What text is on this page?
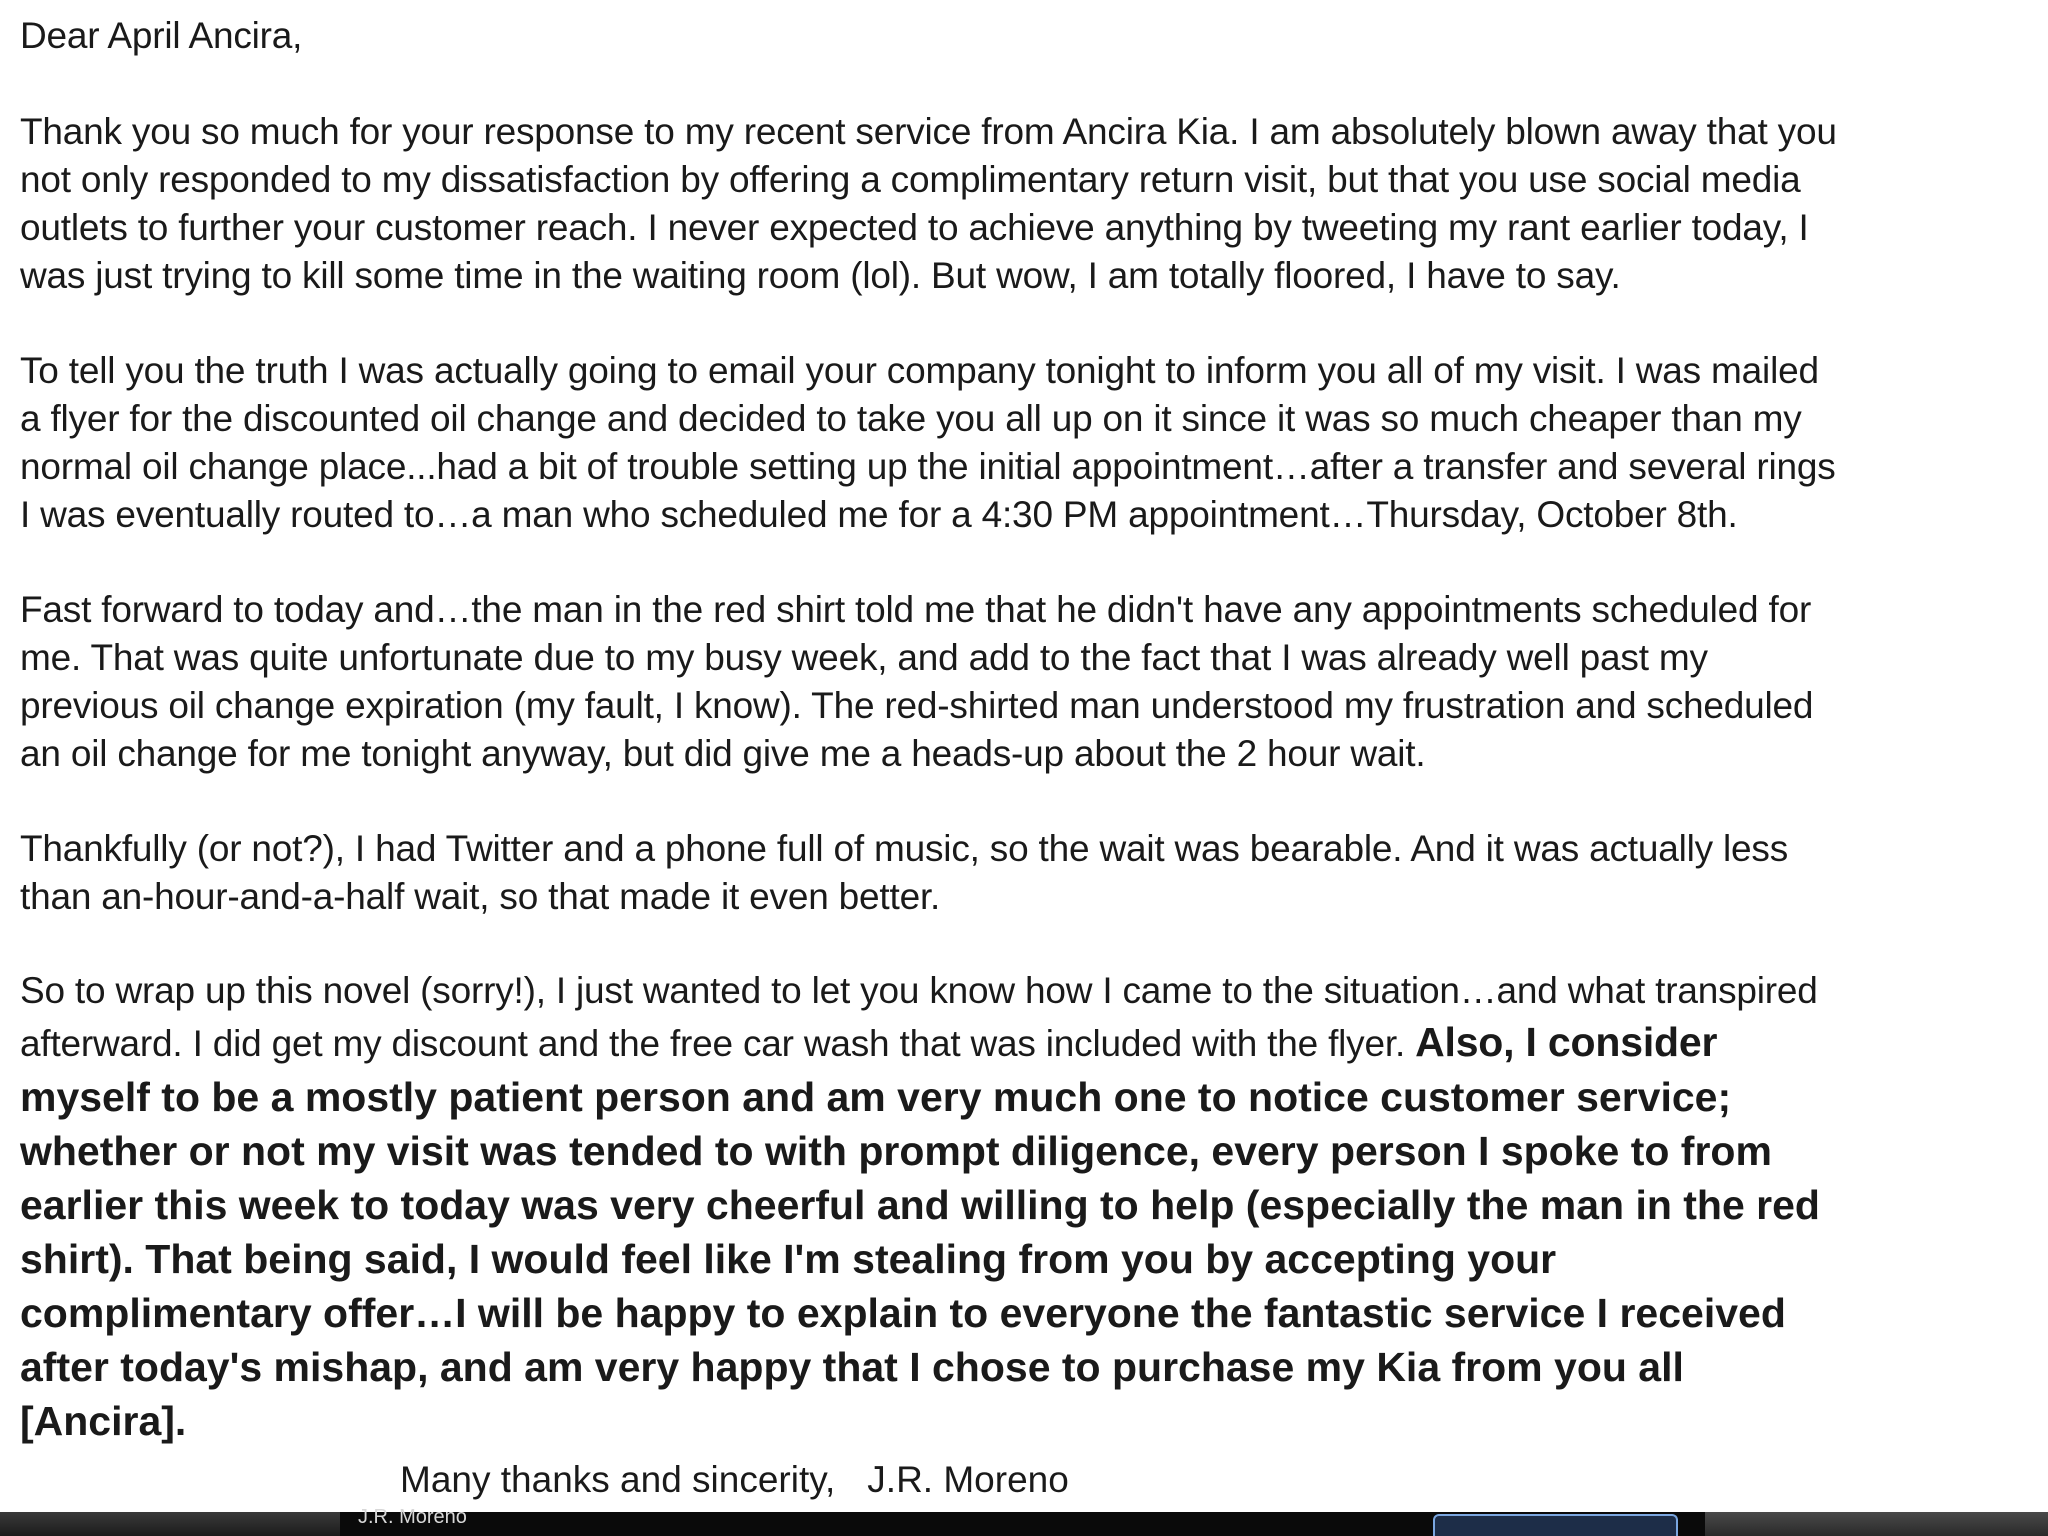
Dear April Ancira,
Thank you so much for your response to my recent service from Ancira Kia. I am absolutely blown away that you
not only responded to my dissatisfaction by offering a complimentary return visit, but that you use social media
outlets to further your customer reach. I never expected to achieve anything by tweeting my rant earlier today, I
was just trying to kill some time in the waiting room (lol). But wow, I am totally floored, I have to say.
To tell you the truth I was actually going to email your company tonight to inform you all of my visit. I was mailed
a flyer for the discounted oil change and decided to take you all up on it since it was so much cheaper than my
normal oil change place...had a bit of trouble setting up the initial appointment…after a transfer and several rings
I was eventually routed to…a man who scheduled me for a 4:30 PM appointment…Thursday, October 8th.
Fast forward to today and…the man in the red shirt told me that he didn't have any appointments scheduled for
me. That was quite unfortunate due to my busy week, and add to the fact that I was already well past my
previous oil change expiration (my fault, I know). The red-shirted man understood my frustration and scheduled
an oil change for me tonight anyway, but did give me a heads-up about the 2 hour wait.
Thankfully (or not?), I had Twitter and a phone full of music, so the wait was bearable. And it was actually less
than an-hour-and-a-half wait, so that made it even better.
So to wrap up this novel (sorry!), I just wanted to let you know how I came to the situation…and what transpired
afterward. I did get my discount and the free car wash that was included with the flyer. Also, I consider
myself to be a mostly patient person and am very much one to notice customer service;
whether or not my visit was tended to with prompt diligence, every person I spoke to from
earlier this week to today was very cheerful and willing to help (especially the man in the red
shirt). That being said, I would feel like I'm stealing from you by accepting your
complimentary offer…I will be happy to explain to everyone the fantastic service I received
after today's mishap, and am very happy that I chose to purchase my Kia from you all
[Ancira].
Many thanks and sincerity, J.R. Moreno
J.R. Moreno
